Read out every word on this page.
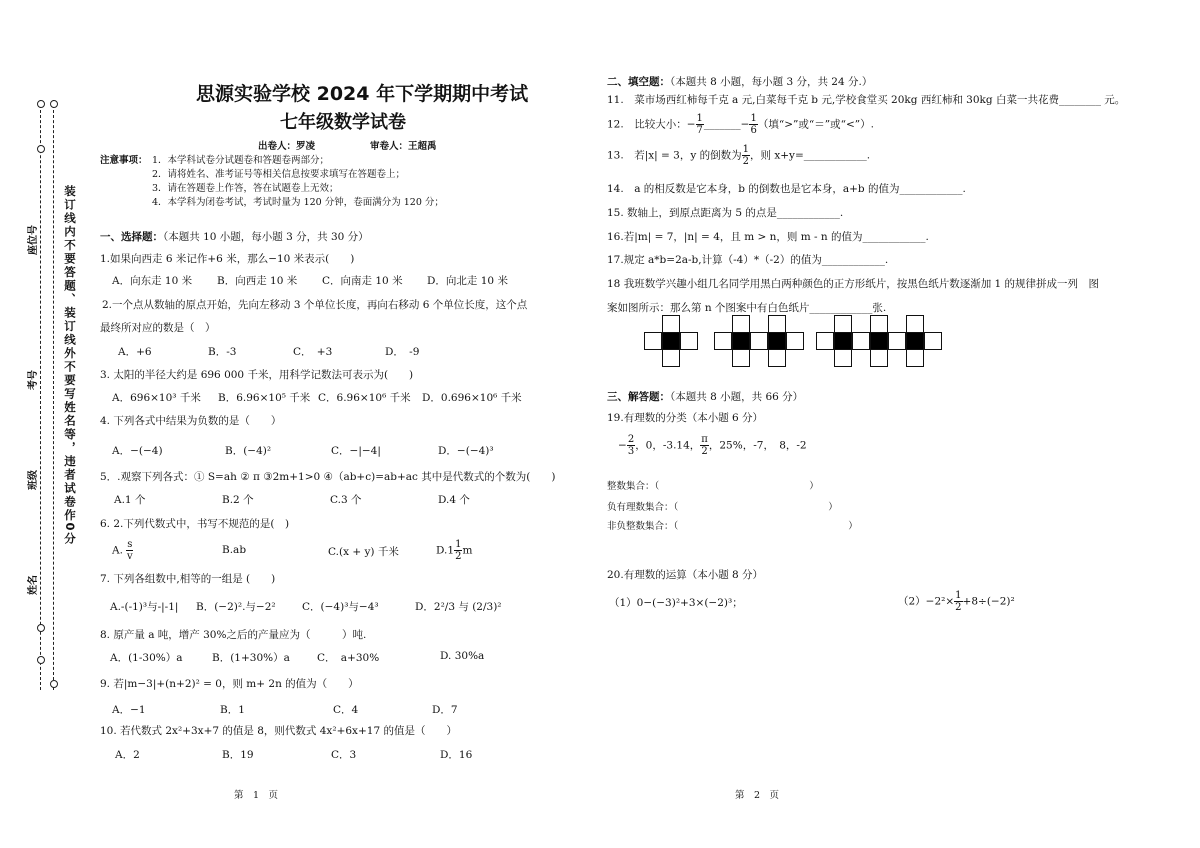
装订线内不要答题、装订线外不要写姓名等，违者试卷作0分
座位号
考号
班级
姓名
思源实验学校 2024 年下学期期中考试
七年级数学试卷
出卷人：罗凌	审卷人：王超禹
注意事项： 1．本学科试卷分试题卷和答题卷两部分；
2．请将姓名、准考证号等相关信息按要求填写在答题卷上；
3．请在答题卷上作答，答在试题卷上无效；
4．本学科为闭卷考试，考试时量为 120 分钟，卷面满分为 120 分；
一、选择题：（本题共 10 小题，每小题 3 分，共 30 分）
1.如果向西走 6 米记作+6 米，那么−10 米表示(　　)
A．向东走 10 米 B．向西走 10 米 C．向南走 10 米 D．向北走 10 米
2.一个点从数轴的原点开始，先向左移动 3 个单位长度，再向右移动 6 个单位长度，这个点
最终所对应的数是（　）
A．+6	B．-3	C．　+3	D．　-9
3. 太阳的半径大约是 696 000 千米，用科学记数法可表示为(　　)
A．696×10³ 千米 B．6.96×10⁵ 千米 C．6.96×10⁶ 千米 D．0.696×10⁶ 千米
4. 下列各式中结果为负数的是（　　）
A．−(−4)	B．(−4)²	C．−|−4|	D．−(−4)³
5．.观察下列各式：① S=ah ② π ③2m+1>0 ④（ab+c)=ab+ac 其中是代数式的个数为(　　)
A.1 个	B.2 个	C.3 个	D.4 个
6. 2.下列代数式中，书写不规范的是(　)
A. $\frac{s}{v}$	B.ab	C.(x + y) 千米	$D.1 \frac{1}{2}$ m
7. 下列各组数中,相等的一组是 (　　)
A.-(-1)³与-|-1| B．(−2)².与−2²	C．(−4)³与−4³	D．2²/3 与 (2/3)²
8. 原产量 a 吨，增产 30%之后的产量应为（　　　）吨.
A．(1-30%）a	B．(1+30%）a	C．　a+30%	D. 30%a
9. 若|m−3|+(n+2)² = 0，则 m+ 2n 的值为（　　）
A．−1	B．1	C．4	D．7
10. 若代数式 2x²+3x+7 的值是 8，则代数式 4x²+6x+17 的值是（　　）
A．2	B．19	C．3	D．16
第　1　页
二、填空题：（本题共 8 小题，每小题 3 分，共 24 分.）
11.　菜市场西红柿每千克 a 元,白菜每千克 b 元,学校食堂买 20kg 西红柿和 30kg 白菜一共花费________ 元。
12.　比较大小：− $\frac{1}{7}$ _______− $\frac{1}{6}$ （填“>”或“＝”或“<”）.
13.　若|x| = 3，y 的倒数为 $\frac{1}{2}$ ，则 x+y=____________.
14.　a 的相反数是它本身，b 的倒数也是它本身，a+b 的值为____________.
15. 数轴上，到原点距离为 5 的点是____________.
16.若|m| = 7，|n| = 4，且 m > n，则 m - n 的值为____________.
17.规定 a*b=2a-b,计算（-4）*（-2）的值为____________.
18 我班数学兴趣小组几名同学用黑白两种颜色的正方形纸片，按黑色纸片数逐渐加 1 的规律拼成一列　图
案如图所示：那么第 n 个图案中有白色纸片____________张.
三、解答题：（本题共 8 小题，共 66 分）
19.有理数的分类（本小题 6 分）
− $\frac{2}{3}$ ，0，-3.14， $\frac{\pi}{2}$ ，25%，-7，　8，-2
整数集合：（	）
负有理数集合：（	）
非负整数集合：（	）
20.有理数的运算（本小题 8 分）
（1）0−(−3)²+3×(−2)³；	$(2)-2^2\times \frac{1}{2} +8\div(-2)^2$
第　2　页
